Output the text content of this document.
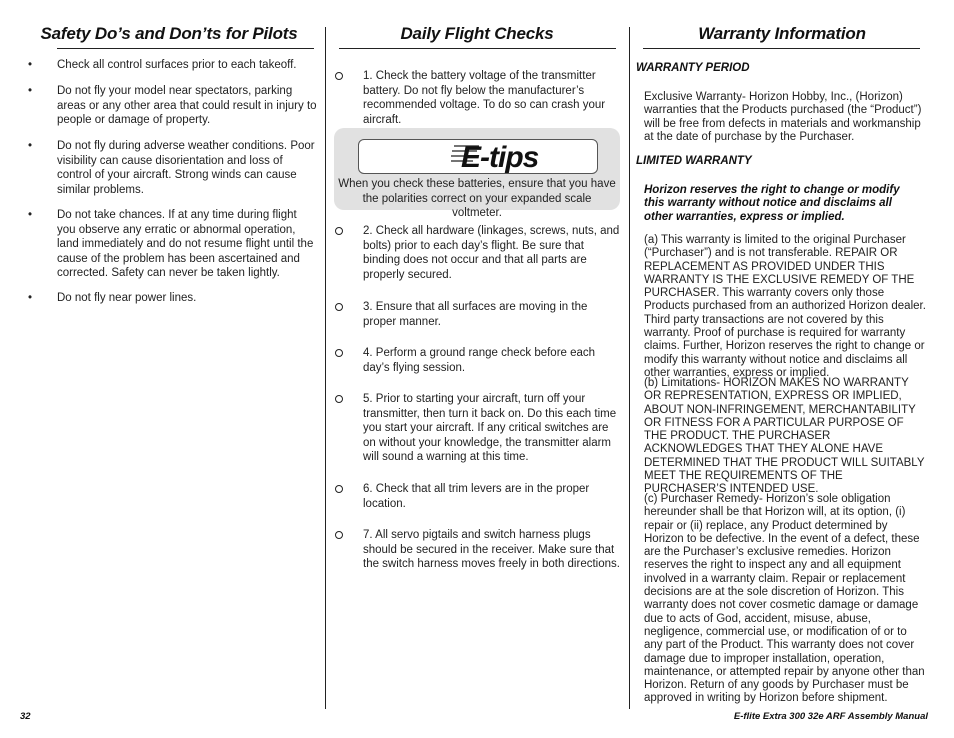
Safety Do’s and Don’ts for Pilots
• Check all control surfaces prior to each takeoff.
• Do not fly your model near spectators, parking areas or any other area that could result in injury to people or damage of property.
• Do not fly during adverse weather conditions. Poor visibility can cause disorientation and loss of control of your aircraft. Strong winds can cause similar problems.
• Do not take chances. If at any time during flight you observe any erratic or abnormal operation, land immediately and do not resume flight until the cause of the problem has been ascertained and corrected. Safety can never be taken lightly.
• Do not fly near power lines.
Daily Flight Checks
1. Check the battery voltage of the transmitter battery. Do not fly below the manufacturer’s recommended voltage. To do so can crash your aircraft.
E-tips
When you check these batteries, ensure that you have the polarities correct on your expanded scale voltmeter.
2. Check all hardware (linkages, screws, nuts, and bolts) prior to each day’s flight. Be sure that binding does not occur and that all parts are properly secured.
3. Ensure that all surfaces are moving in the proper manner.
4. Perform a ground range check before each day’s flying session.
5. Prior to starting your aircraft, turn off your transmitter, then turn it back on. Do this each time you start your aircraft. If any critical switches are on without your knowledge, the transmitter alarm will sound a warning at this time.
6. Check that all trim levers are in the proper location.
7. All servo pigtails and switch harness plugs should be secured in the receiver. Make sure that the switch harness moves freely in both directions.
Warranty Information
WARRANTY PERIOD
Exclusive Warranty- Horizon Hobby, Inc., (Horizon) warranties that the Products purchased (the “Product”) will be free from defects in materials and workmanship at the date of purchase by the Purchaser.
LIMITED WARRANTY
Horizon reserves the right to change or modify this warranty without notice and disclaims all other warranties, express or implied.
(a) This warranty is limited to the original Purchaser (“Purchaser”) and is not transferable. REPAIR OR REPLACEMENT AS PROVIDED UNDER THIS WARRANTY IS THE EXCLUSIVE REMEDY OF THE PURCHASER. This warranty covers only those Products purchased from an authorized Horizon dealer. Third party transactions are not covered by this warranty. Proof of purchase is required for warranty claims. Further, Horizon reserves the right to change or modify this warranty without notice and disclaims all other warranties, express or implied.
(b) Limitations- HORIZON MAKES NO WARRANTY OR REPRESENTATION, EXPRESS OR IMPLIED, ABOUT NON-INFRINGEMENT, MERCHANTABILITY OR FITNESS FOR A PARTICULAR PURPOSE OF THE PRODUCT. THE PURCHASER ACKNOWLEDGES THAT THEY ALONE HAVE DETERMINED THAT THE PRODUCT WILL SUITABLY MEET THE REQUIREMENTS OF THE PURCHASER’S INTENDED USE.
(c) Purchaser Remedy- Horizon’s sole obligation hereunder shall be that Horizon will, at its option, (i) repair or (ii) replace, any Product determined by Horizon to be defective. In the event of a defect, these are the Purchaser’s exclusive remedies. Horizon reserves the right to inspect any and all equipment involved in a warranty claim. Repair or replacement decisions are at the sole discretion of Horizon. This warranty does not cover cosmetic damage or damage due to acts of God, accident, misuse, abuse, negligence, commercial use, or modification of or to any part of the Product. This warranty does not cover damage due to improper installation, operation, maintenance, or attempted repair by anyone other than Horizon. Return of any goods by Purchaser must be approved in writing by Horizon before shipment.
32	E-flite Extra 300 32e ARF Assembly Manual
